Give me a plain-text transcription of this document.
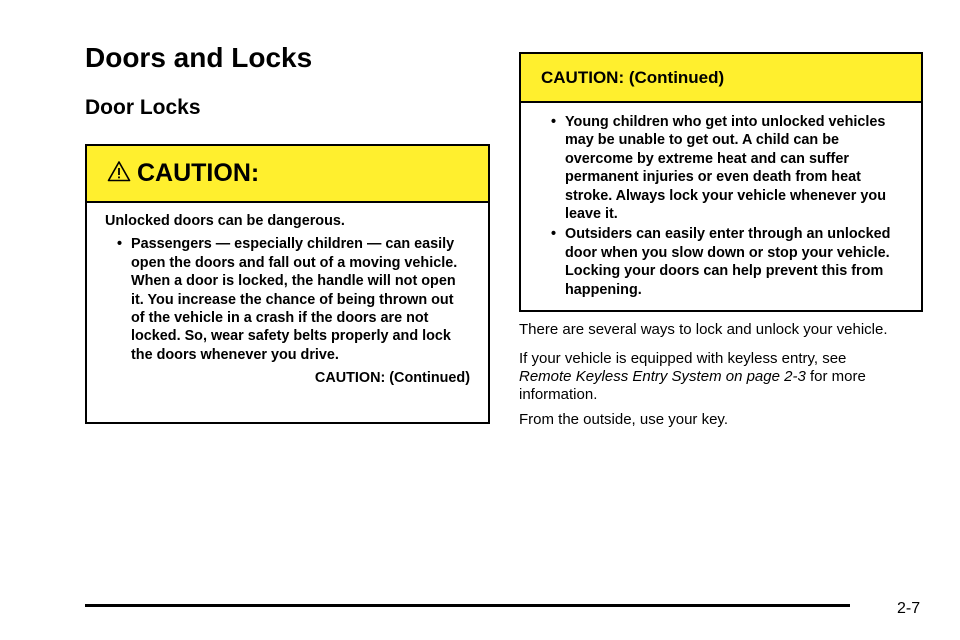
Doors and Locks
Door Locks
CAUTION:

Unlocked doors can be dangerous.

• Passengers — especially children — can easily open the doors and fall out of a moving vehicle. When a door is locked, the handle will not open it. You increase the chance of being thrown out of the vehicle in a crash if the doors are not locked. So, wear safety belts properly and lock the doors whenever you drive.
CAUTION: (Continued)
CAUTION: (Continued)
• Young children who get into unlocked vehicles may be unable to get out. A child can be overcome by extreme heat and can suffer permanent injuries or even death from heat stroke. Always lock your vehicle whenever you leave it.
• Outsiders can easily enter through an unlocked door when you slow down or stop your vehicle. Locking your doors can help prevent this from happening.

There are several ways to lock and unlock your vehicle.

If your vehicle is equipped with keyless entry, see
Remote Keyless Entry System on page 2-3 for more information.

From the outside, use your key.

2-7
